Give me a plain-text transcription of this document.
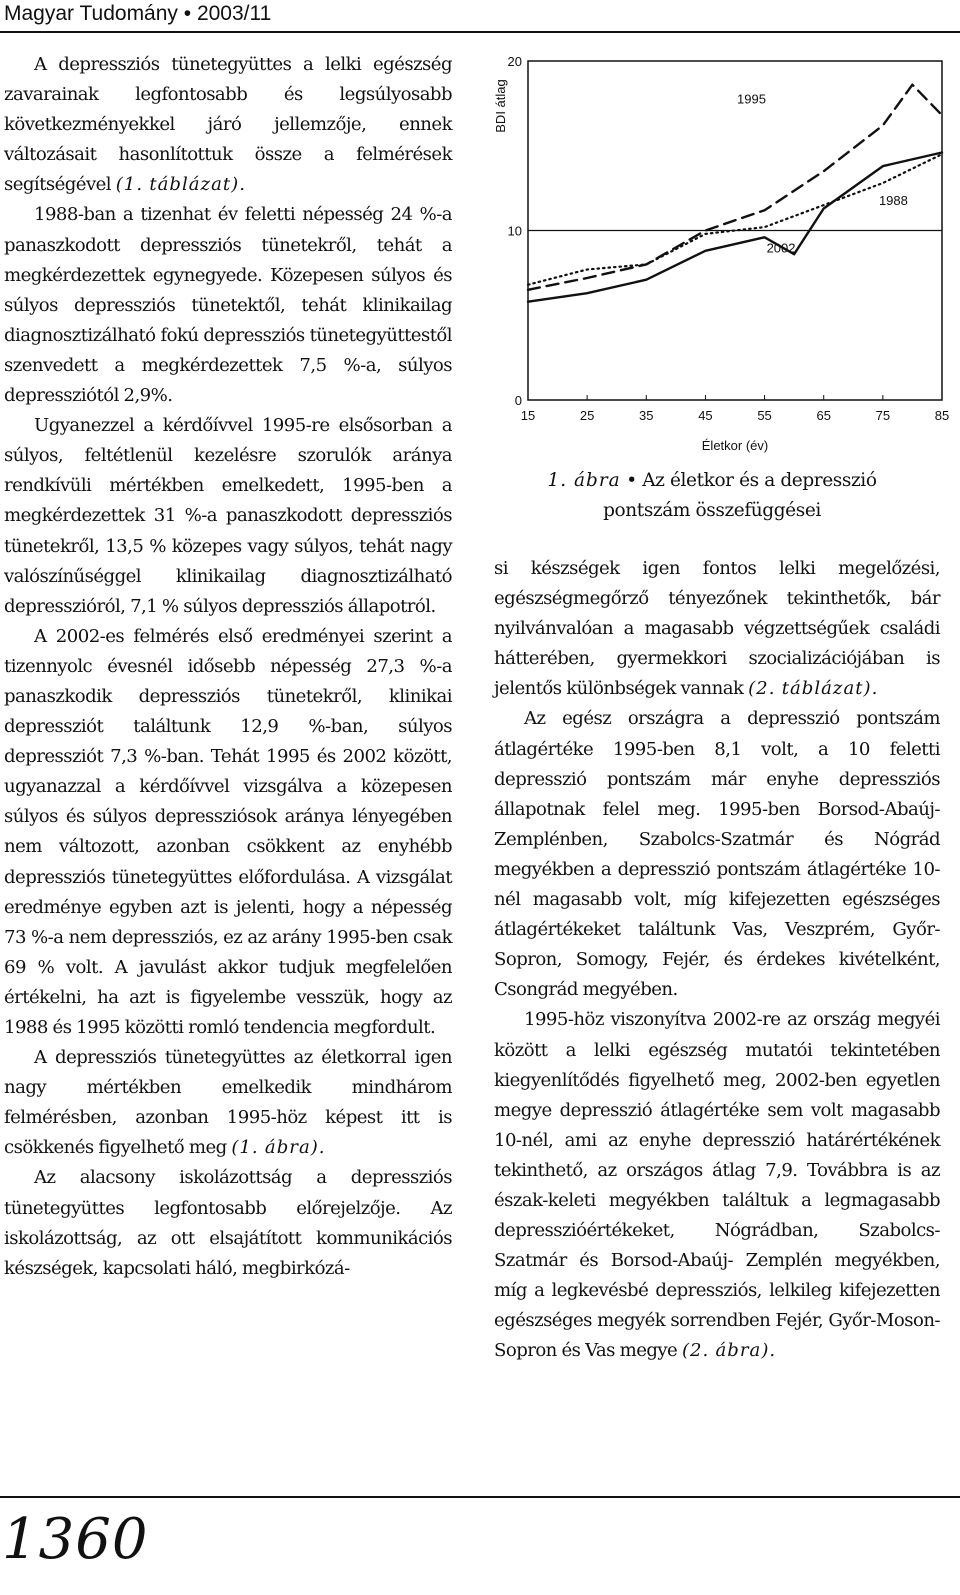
Magyar Tudomány • 2003/11

A depressziós tünetegyüttes a lelki egészség zavarainak legfontosabb és legsúlyosabb következményekkel járó jellemzője, ennek változásait hasonlítottuk össze a felmérések segítségével (1. táblázat).

1988-ban a tizenhat év feletti népesség 24 %-a panaszkodott depressziós tünetekről, tehát a megkérdezettek egynegyede. Közepesen súlyos és súlyos depressziós tünetektől, tehát klinikailag diagnosztizálható fokú depressziós tünetegyüttestől szenvedett a megkérdezettek 7,5 %-a, súlyos depressziótól 2,9%.

Ugyanezzel a kérdőívvel 1995-re elsősorban a súlyos, feltétlenül kezelésre szorulók aránya rendkívüli mértékben emelkedett, 1995-ben a megkérdezettek 31 %-a panaszkodott depressziós tünetekről, 13,5 % közepes vagy súlyos, tehát nagy valószínűséggel klinikailag diagnosztizálható depresszióról, 7,1 % súlyos depressziós állapotról.

A 2002-es felmérés első eredményei szerint a tizennyolc évesnél idősebb népesség 27,3 %-a panaszkodik depressziós tünetekről, klinikai depressziót találtunk 12,9 %-ban, súlyos depressziót 7,3 %-ban. Tehát 1995 és 2002 között, ugyanazzal a kérdőívvel vizsgálva a közepesen súlyos és súlyos depressziósok aránya lényegében nem változott, azonban csökkent az enyhébb depressziós tünetegyüttes előfordulása. A vizsgálat eredménye egyben azt is jelenti, hogy a népesség 73 %-a nem depressziós, ez az arány 1995-ben csak 69 % volt. A javulást akkor tudjuk megfelelően értékelni, ha azt is figyelembe vesszük, hogy az 1988 és 1995 közötti romló tendencia megfordult.

A depressziós tünetegyüttes az életkorral igen nagy mértékben emelkedik mindhárom felmérésben, azonban 1995-höz képest itt is csökkenés figyelhető meg (1. ábra).

Az alacsony iskolázottság a depressziós tünetegyüttes legfontosabb előrejelzője. Az iskolázottság, az ott elsajátított kommunikációs készségek, kapcsolati háló, megbirkózá-

15	25	35	45	55	65	75	85
0
10
20
BDI átlag
Életkor (év)
1995
1988
2002
1. ábra • Az életkor és a depresszió
pontszám összefüggései

si készségek igen fontos lelki megelőzési, egészségmegőrző tényezőnek tekinthetők, bár nyilvánvalóan a magasabb végzettségűek családi hátterében, gyermekkori szocializációjában is jelentős különbségek vannak (2. táblázat).

Az egész országra a depresszió pontszám átlagértéke 1995-ben 8,1 volt, a 10 feletti depresszió pontszám már enyhe depressziós állapotnak felel meg. 1995-ben Borsod-Abaúj-Zemplénben, Szabolcs-Szatmár és Nógrád megyékben a depresszió pontszám átlagértéke 10-nél magasabb volt, míg kifejezetten egészséges átlagértékeket találtunk Vas, Veszprém, Győr-Sopron, Somogy, Fejér, és érdekes kivételként, Csongrád megyében.

1995-höz viszonyítva 2002-re az ország megyéi között a lelki egészség mutatói tekintetében kiegyenlítődés figyelhető meg, 2002-ben egyetlen megye depresszió átlagértéke sem volt magasabb 10-nél, ami az enyhe depresszió határértékének tekinthető, az országos átlag 7,9. Továbbra is az észak-keleti megyékben találtuk a legmagasabb depresszióértékeket, Nógrádban, Szabolcs-Szatmár és Borsod-Abaúj- Zemplén megyékben, míg a legkevésbé depressziós, lelkileg kifejezetten egészséges megyék sorrendben Fejér, Győr-Moson-Sopron és Vas megye (2. ábra).

1360
